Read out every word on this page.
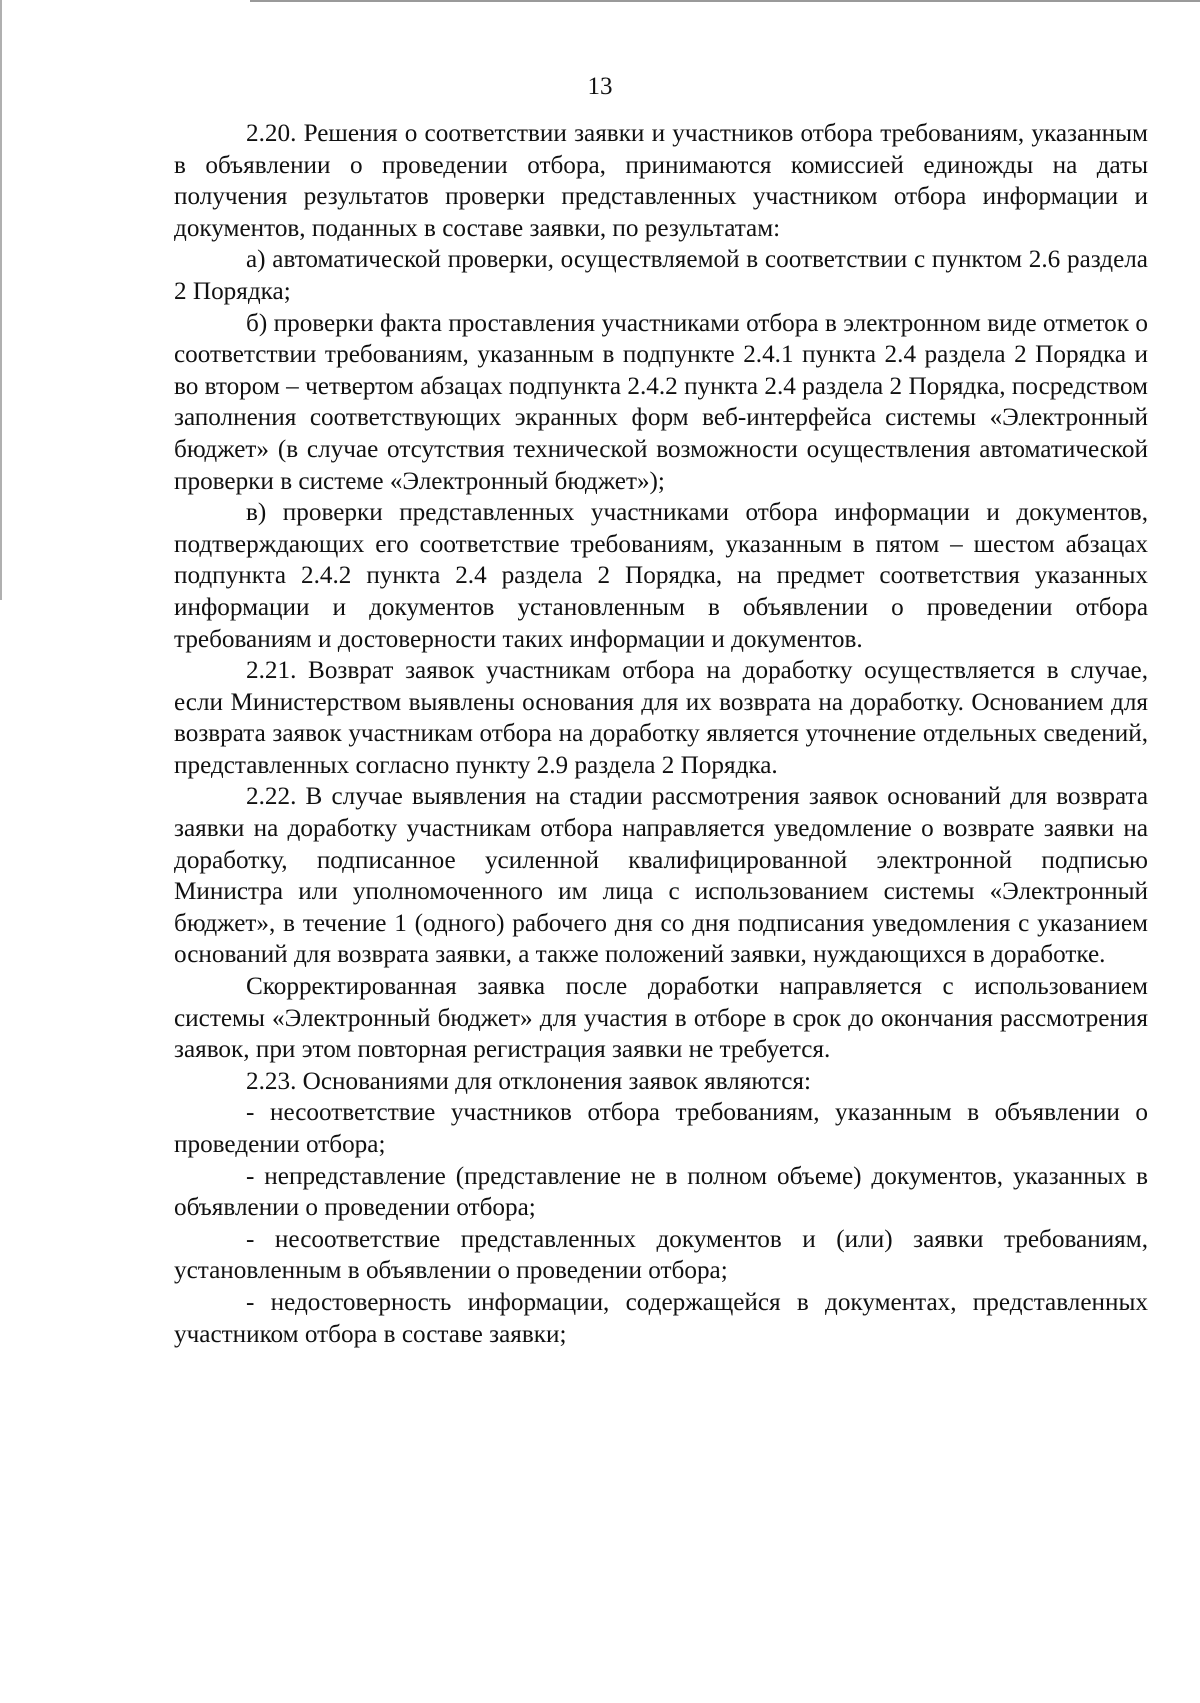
13

2.20. Решения о соответствии заявки и участников отбора требованиям, указанным в объявлении о проведении отбора, принимаются комиссией единожды на даты получения результатов проверки представленных участником отбора информации и документов, поданных в составе заявки, по результатам:

а) автоматической проверки, осуществляемой в соответствии с пунктом 2.6 раздела 2 Порядка;

б) проверки факта проставления участниками отбора в электронном виде отметок о соответствии требованиям, указанным в подпункте 2.4.1 пункта 2.4 раздела 2 Порядка и во втором – четвертом абзацах подпункта 2.4.2 пункта 2.4 раздела 2 Порядка, посредством заполнения соответствующих экранных форм веб-интерфейса системы «Электронный бюджет» (в случае отсутствия технической возможности осуществления автоматической проверки в системе «Электронный бюджет»);

в) проверки представленных участниками отбора информации и документов, подтверждающих его соответствие требованиям, указанным в пятом – шестом абзацах подпункта 2.4.2 пункта 2.4 раздела 2 Порядка, на предмет соответствия указанных информации и документов установленным в объявлении о проведении отбора требованиям и достоверности таких информации и документов.

2.21. Возврат заявок участникам отбора на доработку осуществляется в случае, если Министерством выявлены основания для их возврата на доработку. Основанием для возврата заявок участникам отбора на доработку является уточнение отдельных сведений, представленных согласно пункту 2.9 раздела 2 Порядка.

2.22. В случае выявления на стадии рассмотрения заявок оснований для возврата заявки на доработку участникам отбора направляется уведомление о возврате заявки на доработку, подписанное усиленной квалифицированной электронной подписью Министра или уполномоченного им лица с использованием системы «Электронный бюджет», в течение 1 (одного) рабочего дня со дня подписания уведомления с указанием оснований для возврата заявки, а также положений заявки, нуждающихся в доработке.

Скорректированная заявка после доработки направляется с использованием системы «Электронный бюджет» для участия в отборе в срок до окончания рассмотрения заявок, при этом повторная регистрация заявки не требуется.

2.23. Основаниями для отклонения заявок являются:

- несоответствие участников отбора требованиям, указанным в объявлении о проведении отбора;

- непредставление (представление не в полном объеме) документов, указанных в объявлении о проведении отбора;

- несоответствие представленных документов и (или) заявки требованиям, установленным в объявлении о проведении отбора;

- недостоверность информации, содержащейся в документах, представленных участником отбора в составе заявки;
